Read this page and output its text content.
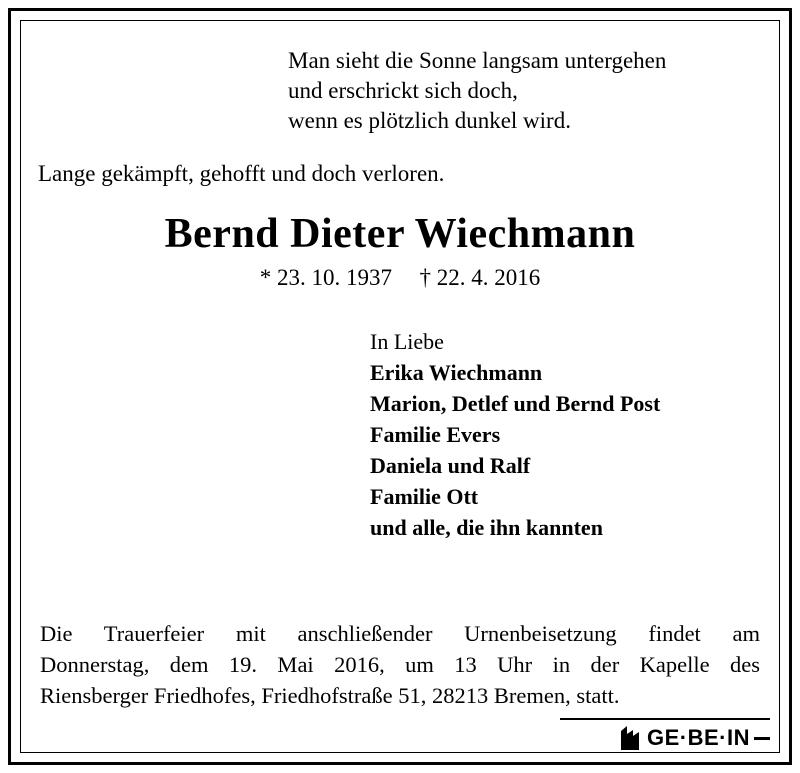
Man sieht die Sonne langsam untergehen
und erschrickt sich doch,
wenn es plötzlich dunkel wird.
Lange gekämpft, gehofft und doch verloren.
Bernd Dieter Wiechmann
* 23. 10. 1937 † 22. 4. 2016
In Liebe
Erika Wiechmann
Marion, Detlef und Bernd Post
Familie Evers
Daniela und Ralf
Familie Ott
und alle, die ihn kannten
Die Trauerfeier mit anschließender Urnenbeisetzung findet am
Donnerstag, dem 19. Mai 2016, um 13 Uhr in der Kapelle des
Riensberger Friedhofes, Friedhofstraße 51, 28213 Bremen, statt.
GE·BE·IN
